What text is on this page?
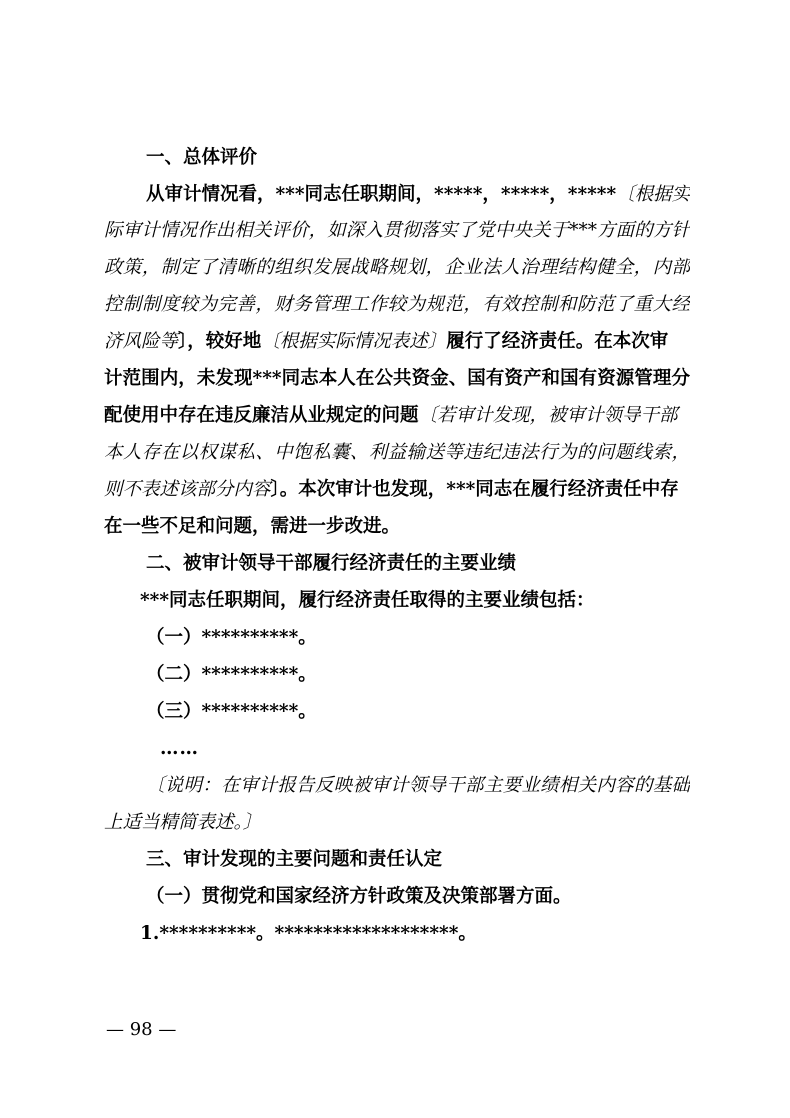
一、总体评价
从审计情况看，***同志任职期间，*****，*****，*****〔根据实
际审计情况作出相关评价，如深入贯彻落实了党中央关于***方面的方针
政策，制定了清晰的组织发展战略规划，企业法人治理结构健全，内部
控制制度较为完善，财务管理工作较为规范，有效控制和防范了重大经
济风险等〕，较好地〔根据实际情况表述〕履行了经济责任。在本次审
计范围内，未发现***同志本人在公共资金、国有资产和国有资源管理分
配使用中存在违反廉洁从业规定的问题〔若审计发现，被审计领导干部
本人存在以权谋私、中饱私囊、利益输送等违纪违法行为的问题线索，
则不表述该部分内容〕。本次审计也发现，***同志在履行经济责任中存
在一些不足和问题，需进一步改进。
二、被审计领导干部履行经济责任的主要业绩
***同志任职期间，履行经济责任取得的主要业绩包括：
（一）**********。
（二）**********。
（三）**********。
……
〔说明：在审计报告反映被审计领导干部主要业绩相关内容的基础
上适当精简表述。〕
三、审计发现的主要问题和责任认定
（一）贯彻党和国家经济方针政策及决策部署方面。
1.**********。*******************。
— 98 —
